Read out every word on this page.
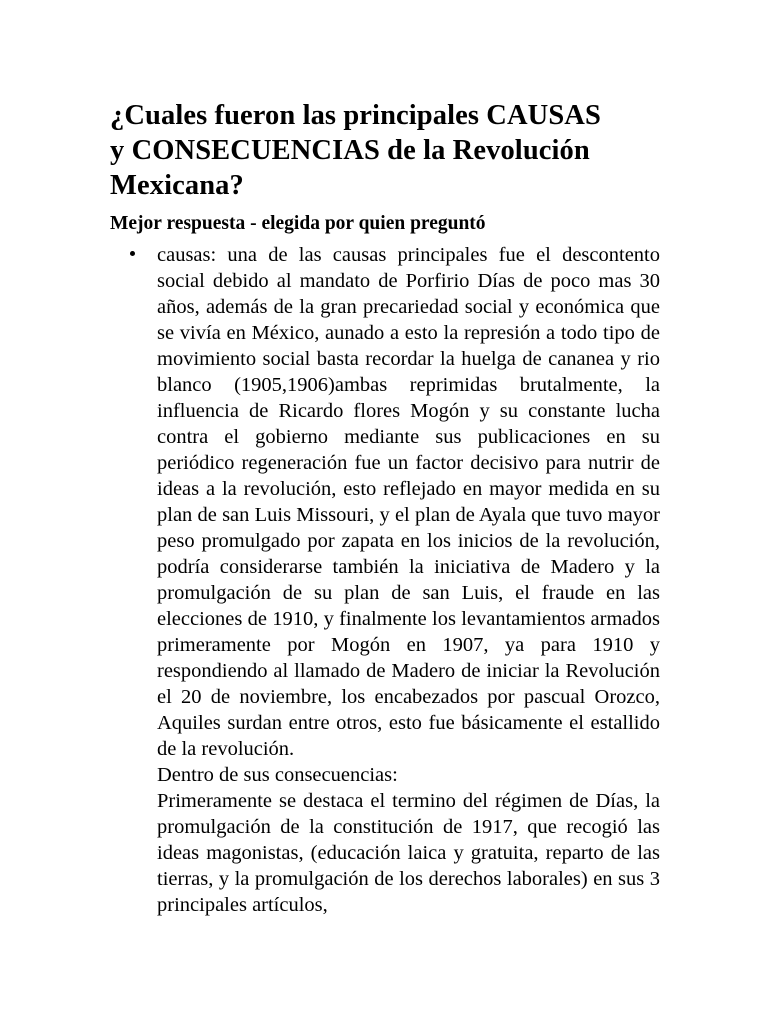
¿Cuales fueron las principales CAUSAS
y CONSECUENCIAS de la Revolución
Mexicana?
Mejor respuesta - elegida por quien preguntó

causas: una de las causas principales fue el descontento social debido al mandato de Porfirio Días de poco mas 30 años, además de la gran precariedad social y económica que se vivía en México, aunado a esto la represión a todo tipo de movimiento social basta recordar la huelga de cananea y rio blanco (1905,1906)ambas reprimidas brutalmente, la influencia de Ricardo flores Mogón y su constante lucha contra el gobierno mediante sus publicaciones en su periódico regeneración fue un factor decisivo para nutrir de ideas a la revolución, esto reflejado en mayor medida en su plan de san Luis Missouri, y el plan de Ayala que tuvo mayor peso promulgado por zapata en los inicios de la revolución, podría considerarse también la iniciativa de Madero y la promulgación de su plan de san Luis, el fraude en las elecciones de 1910, y finalmente los levantamientos armados primeramente por Mogón en 1907, ya para 1910 y respondiendo al llamado de Madero de iniciar la Revolución el 20 de noviembre, los encabezados por pascual Orozco, Aquiles surdan entre otros, esto fue básicamente el estallido de la revolución.

Dentro de sus consecuencias:

Primeramente se destaca el termino del régimen de Días, la promulgación de la constitución de 1917, que recogió las ideas magonistas, (educación laica y gratuita, reparto de las tierras, y la promulgación de los derechos laborales) en sus 3 principales artículos,
